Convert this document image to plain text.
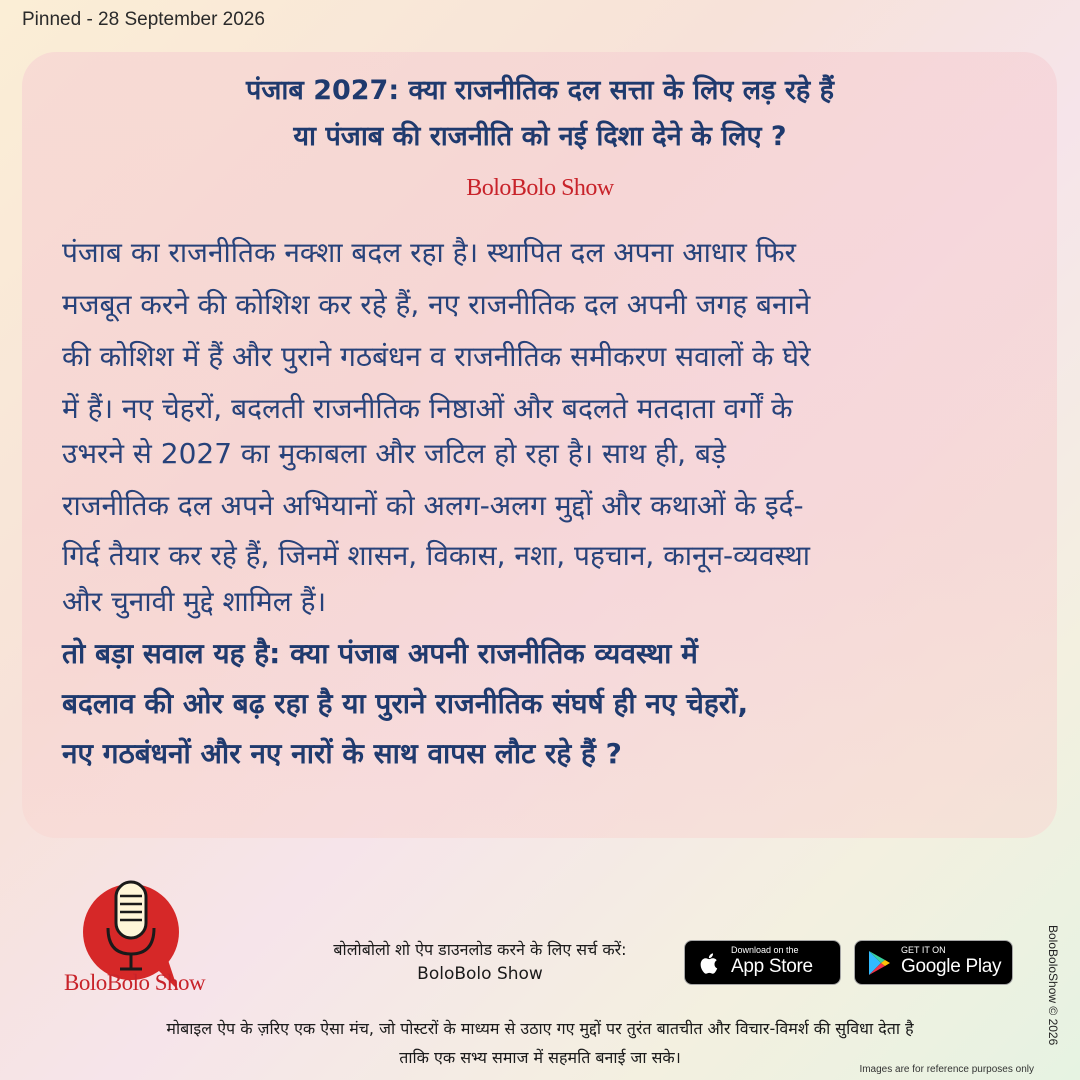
Pinned - 28 September 2026
पंजाब 2027: क्या राजनीतिक दल सत्ता के लिए लड़ रहे हैं
या पंजाब की राजनीति को नई दिशा देने के लिए ?
BoloBolo Show
पंजाब का राजनीतिक नक्शा बदल रहा है। स्थापित दल अपना आधार फिर
मजबूत करने की कोशिश कर रहे हैं, नए राजनीतिक दल अपनी जगह बनाने
की कोशिश में हैं और पुराने गठबंधन व राजनीतिक समीकरण सवालों के घेरे
में हैं। नए चेहरों, बदलती राजनीतिक निष्ठाओं और बदलते मतदाता वर्गों के
उभरने से 2027 का मुकाबला और जटिल हो रहा है। साथ ही, बड़े
राजनीतिक दल अपने अभियानों को अलग-अलग मुद्दों और कथाओं के इर्द-
गिर्द तैयार कर रहे हैं, जिनमें शासन, विकास, नशा, पहचान, कानून-व्यवस्था
और चुनावी मुद्दे शामिल हैं।
तो बड़ा सवाल यह है: क्या पंजाब अपनी राजनीतिक व्यवस्था में
बदलाव की ओर बढ़ रहा है या पुराने राजनीतिक संघर्ष ही नए चेहरों,
नए गठबंधनों और नए नारों के साथ वापस लौट रहे हैं ?
BoloBolo Show
बोलोबोलो शो ऐप डाउनलोड करने के लिए सर्च करें:
BoloBolo Show
Download on the
App Store
GET IT ON
Google Play
मोबाइल ऐप के ज़रिए एक ऐसा मंच, जो पोस्टरों के माध्यम से उठाए गए मुद्दों पर तुरंत बातचीत और विचार-विमर्श की सुविधा देता है
ताकि एक सभ्य समाज में सहमति बनाई जा सके।
BoloBoloShow © 2026
Images are for reference purposes only
